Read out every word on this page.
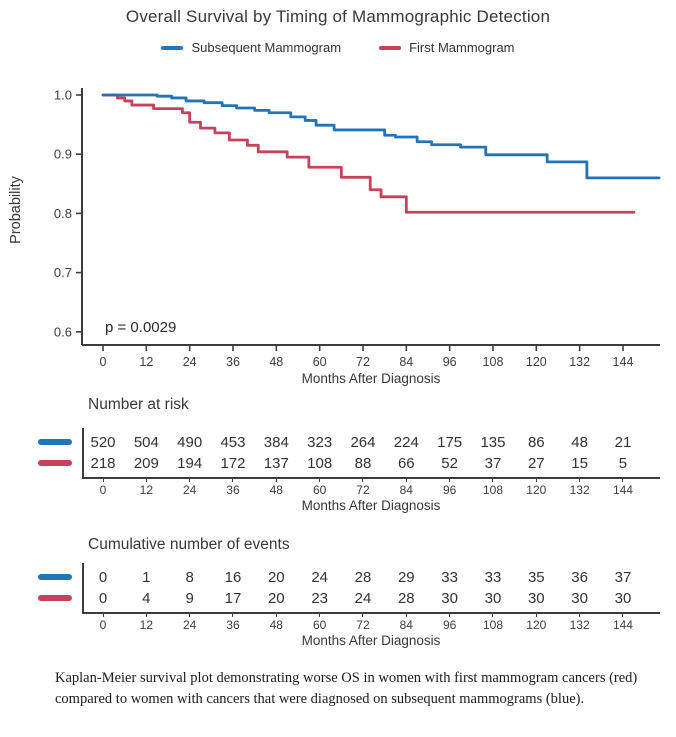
Overall Survival by Timing of Mammographic Detection
Subsequent Mammogram	First Mammogram
1.0
0.9
0.8
0.7
0.6
0	12 24 36 48 60 72 84 96 108 120 132 144
Months After Diagnosis
Probability
p = 0.0029
Number at risk
520	504	490	453	384	323	264	224	175	135	86	48	21
218	209	194	172	137	108	88	66	52	37	27	15	5
0	12	24	36	48	60	72	84	96	108	120	132	144
Months After Diagnosis
Cumulative number of events
0	1	8	16	20	24	28	29	33	33	35	36	37
0	4	9	17	20	23	24	28	30	30	30	30	30
0	12	24	36	48	60	72	84	96	108	120	132	144
Months After Diagnosis
Kaplan-Meier survival plot demonstrating worse OS in women with first mammogram cancers (red) compared to women with cancers that were diagnosed on subsequent mammograms (blue).
